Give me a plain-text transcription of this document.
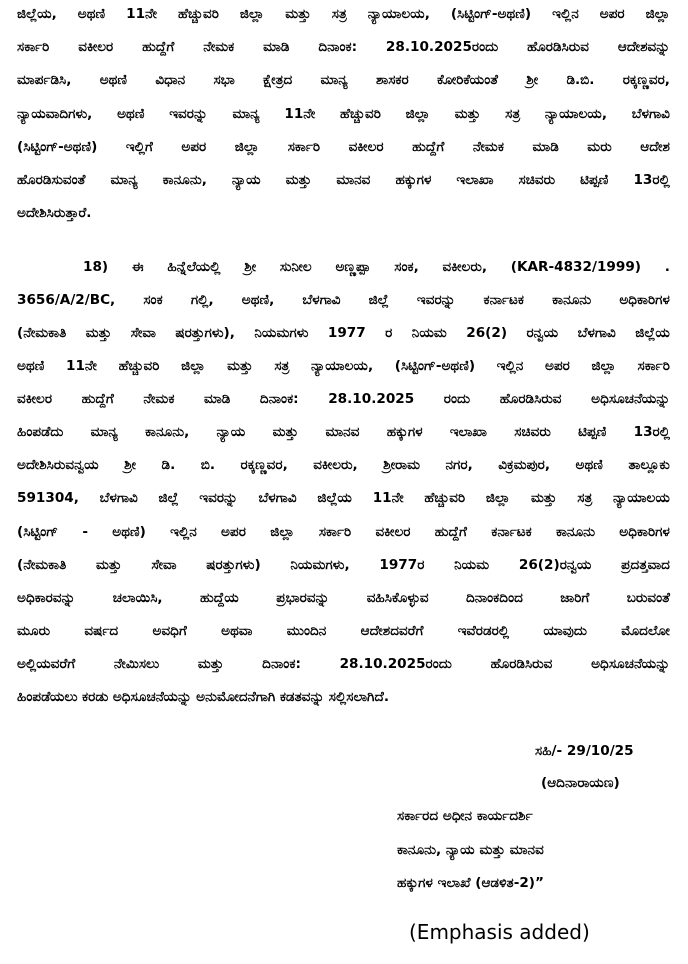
ಜಿಲ್ಲೆಯ, ಅಥಣಿ 11ನೇ ಹೆಚ್ಚುವರಿ ಜಿಲ್ಲಾ ಮತ್ತು ಸತ್ರ ನ್ಯಾಯಾಲಯ, (ಸಿಟ್ಟಿಂಗ್-ಅಥಣಿ) ಇಲ್ಲಿನ ಅಪರ ಜಿಲ್ಲಾ
ಸರ್ಕಾರಿ ವಕೀಲರ ಹುದ್ದೆಗೆ ನೇಮಕ ಮಾಡಿ ದಿನಾಂಕ: 28.10.2025ರಂದು ಹೊರಡಿಸಿರುವ ಆದೇಶವನ್ನು
ಮಾರ್ಪಡಿಸಿ, ಅಥಣಿ ವಿಧಾನ ಸಭಾ ಕ್ಷೇತ್ರದ ಮಾನ್ಯ ಶಾಸಕರ ಕೋರಿಕೆಯಂತೆ ಶ್ರೀ ಡಿ.ಬಿ. ರಕ್ಕಣ್ಣವರ,
ನ್ಯಾಯವಾದಿಗಳು, ಅಥಣಿ ಇವರನ್ನು ಮಾನ್ಯ 11ನೇ ಹೆಚ್ಚುವರಿ ಜಿಲ್ಲಾ ಮತ್ತು ಸತ್ರ ನ್ಯಾಯಾಲಯ, ಬೆಳಗಾವಿ
(ಸಿಟ್ಟಿಂಗ್-ಅಥಣಿ) ಇಲ್ಲಿಗೆ ಅಪರ ಜಿಲ್ಲಾ ಸರ್ಕಾರಿ ವಕೀಲರ ಹುದ್ದೆಗೆ ನೇಮಕ ಮಾಡಿ ಮರು ಆದೇಶ
ಹೊರಡಿಸುವಂತೆ ಮಾನ್ಯ ಕಾನೂನು, ನ್ಯಾಯ ಮತ್ತು ಮಾನವ ಹಕ್ಕುಗಳ ಇಲಾಖಾ ಸಚಿವರು ಟಿಪ್ಪಣಿ 13ರಲ್ಲಿ
ಅದೇಶಿಸಿರುತ್ತಾರೆ.
18) ಈ ಹಿನ್ನೆಲೆಯಲ್ಲಿ ಶ್ರೀ ಸುನೀಲ ಅಣ್ಣಪ್ಪಾ ಸಂಕ, ವಕೀಲರು, (KAR-4832/1999) .
3656/A/2/BC, ಸಂಕ ಗಲ್ಲಿ, ಅಥಣಿ, ಬೆಳಗಾವಿ ಜಿಲ್ಲೆ ಇವರನ್ನು ಕರ್ನಾಟಕ ಕಾನೂನು ಅಧಿಕಾರಿಗಳ
(ನೇಮಕಾತಿ ಮತ್ತು ಸೇವಾ ಷರತ್ತುಗಳು), ನಿಯಮಗಳು 1977 ರ ನಿಯಮ 26(2) ರನ್ವಯ ಬೆಳಗಾವಿ ಜಿಲ್ಲೆಯ
ಅಥಣಿ 11ನೇ ಹೆಚ್ಚುವರಿ ಜಿಲ್ಲಾ ಮತ್ತು ಸತ್ರ ನ್ಯಾಯಾಲಯ, (ಸಿಟ್ಟಿಂಗ್-ಅಥಣಿ) ಇಲ್ಲಿನ ಅಪರ ಜಿಲ್ಲಾ ಸರ್ಕಾರಿ
ವಕೀಲರ ಹುದ್ದೆಗೆ ನೇಮಕ ಮಾಡಿ ದಿನಾಂಕ: 28.10.2025 ರಂದು ಹೊರಡಿಸಿರುವ ಅಧಿಸೂಚನೆಯನ್ನು
ಹಿಂಪಡೆದು ಮಾನ್ಯ ಕಾನೂನು, ನ್ಯಾಯ ಮತ್ತು ಮಾನವ ಹಕ್ಕುಗಳ ಇಲಾಖಾ ಸಚಿವರು ಟಿಪ್ಪಣಿ 13ರಲ್ಲಿ
ಅದೇಶಿಸಿರುವನ್ವಯ ಶ್ರೀ ಡಿ. ಬಿ. ರಕ್ಕಣ್ಣವರ, ವಕೀಲರು, ಶ್ರೀರಾಮ ನಗರ, ವಿಕ್ರಮಪುರ, ಅಥಣಿ ತಾಲ್ಲೂಕು
591304, ಬೆಳಗಾವಿ ಜಿಲ್ಲೆ ಇವರನ್ನು ಬೆಳಗಾವಿ ಜಿಲ್ಲೆಯ 11ನೇ ಹೆಚ್ಚುವರಿ ಜಿಲ್ಲಾ ಮತ್ತು ಸತ್ರ ನ್ಯಾಯಾಲಯ
(ಸಿಟ್ಟಿಂಗ್ - ಅಥಣಿ) ಇಲ್ಲಿನ ಅಪರ ಜಿಲ್ಲಾ ಸರ್ಕಾರಿ ವಕೀಲರ ಹುದ್ದೆಗೆ ಕರ್ನಾಟಕ ಕಾನೂನು ಅಧಿಕಾರಿಗಳ
(ನೇಮಕಾತಿ ಮತ್ತು ಸೇವಾ ಷರತ್ತುಗಳು) ನಿಯಮಗಳು, 1977ರ ನಿಯಮ 26(2)ರನ್ವಯ ಪ್ರದತ್ತವಾದ
ಅಧಿಕಾರವನ್ನು	ಚಲಾಯಿಸಿ,	ಹುದ್ದೆಯ	ಪ್ರಭಾರವನ್ನು	ವಹಿಸಿಕೊಳ್ಳುವ	ದಿನಾಂಕದಿಂದ	ಜಾರಿಗೆ	ಬರುವಂತೆ
ಮೂರು	ವರ್ಷದ	ಅವಧಿಗೆ	ಅಥವಾ	ಮುಂದಿನ	ಆದೇಶದವರೆಗೆ	ಇವೆರಡರಲ್ಲಿ	ಯಾವುದು	ಮೊದಲೋ
ಅಲ್ಲಿಯವರೆಗೆ	ನೇಮಿಸಲು	ಮತ್ತು	ದಿನಾಂಕ:	28.10.2025ರಂದು	ಹೊರಡಿಸಿರುವ	ಅಧಿಸೂಚನೆಯನ್ನು
ಹಿಂಪಡೆಯಲು ಕರಡು ಅಧಿಸೂಚನೆಯನ್ನು ಅನುಮೋದನೆಗಾಗಿ ಕಡತವನ್ನು ಸಲ್ಲಿಸಲಾಗಿದೆ.
ಸಹಿ/- 29/10/25
(ಆದಿನಾರಾಯಣ)
ಸರ್ಕಾರದ ಅಧೀನ ಕಾರ್ಯದರ್ಶಿ
ಕಾನೂನು, ನ್ಯಾಯ ಮತ್ತು ಮಾನವ
ಹಕ್ಕುಗಳ ಇಲಾಖೆ (ಆಡಳಿತ-2)”
(Emphasis added)
